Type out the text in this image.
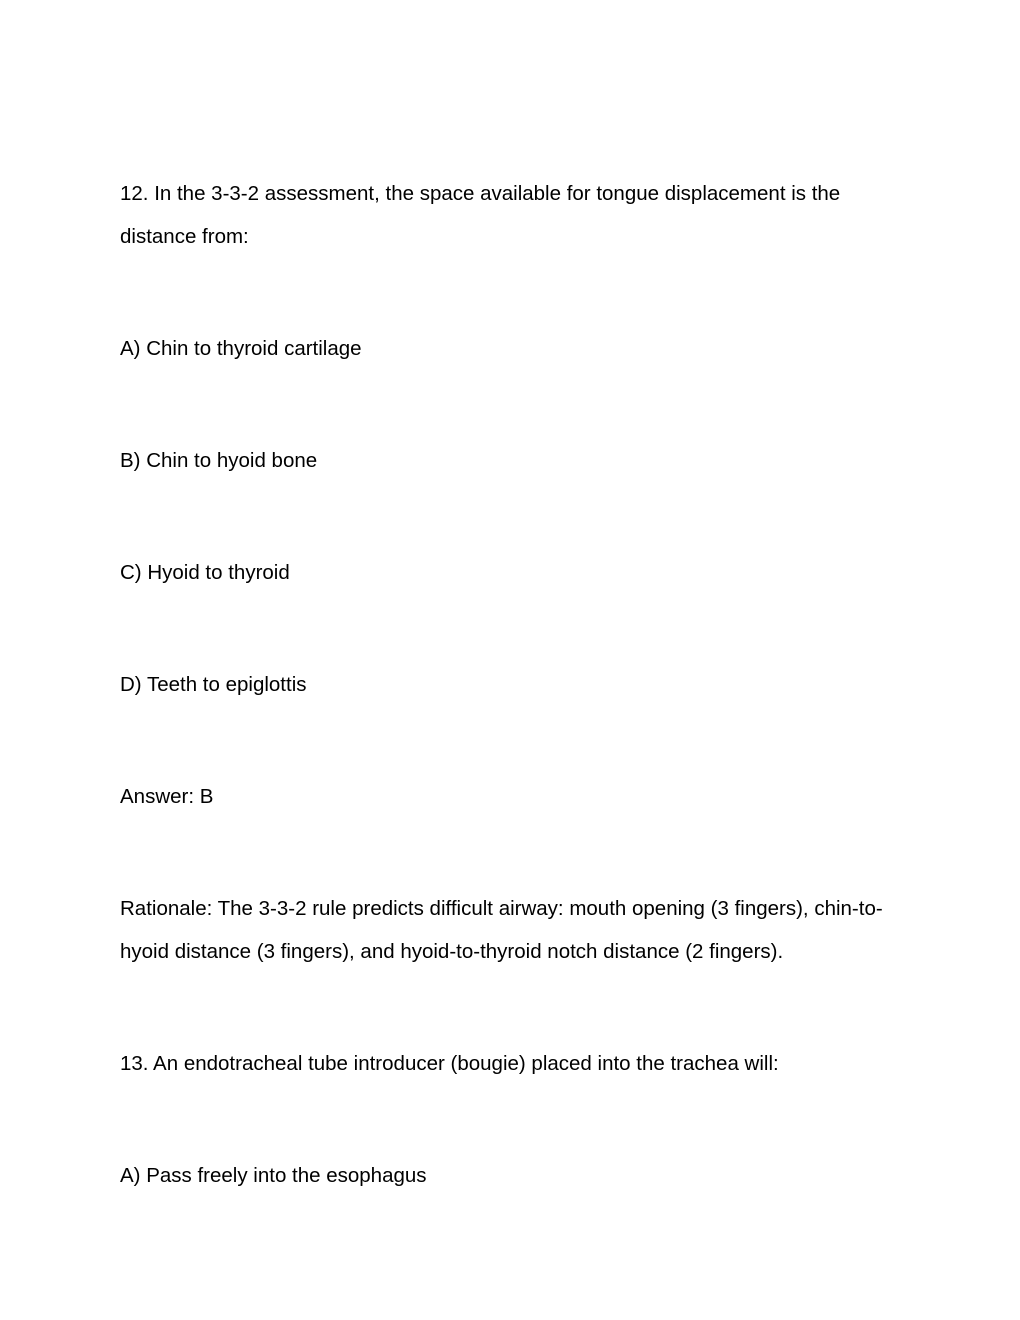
12. In the 3-3-2 assessment, the space available for tongue displacement is the distance from:

A) Chin to thyroid cartilage

B) Chin to hyoid bone

C) Hyoid to thyroid

D) Teeth to epiglottis

Answer: B

Rationale: The 3-3-2 rule predicts difficult airway: mouth opening (3 fingers), chin-to-hyoid distance (3 fingers), and hyoid-to-thyroid notch distance (2 fingers).

13. An endotracheal tube introducer (bougie) placed into the trachea will:

A) Pass freely into the esophagus
